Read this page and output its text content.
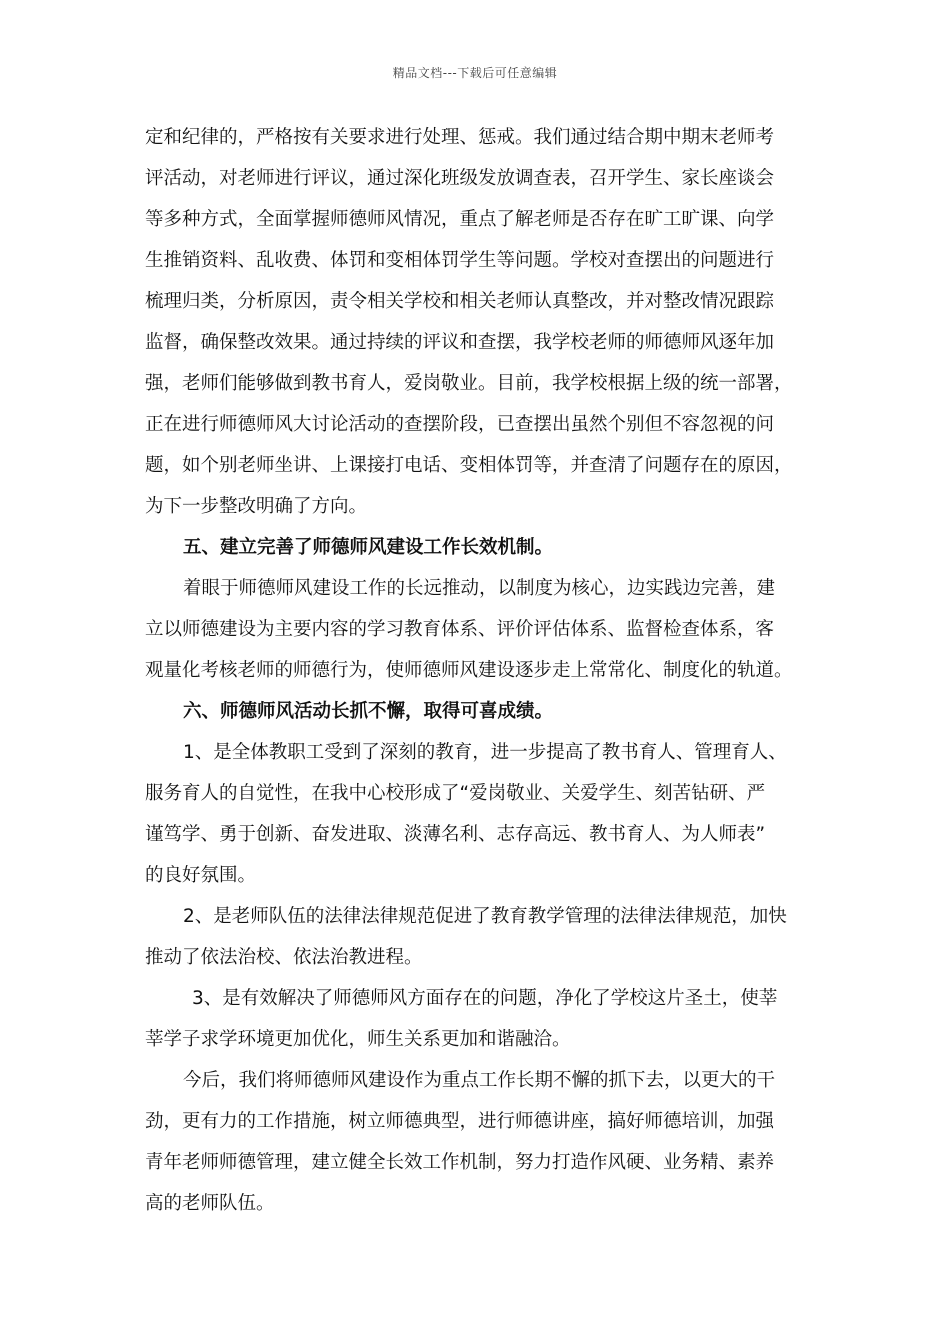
精品文档---下载后可任意编辑
定和纪律的，严格按有关要求进行处理、惩戒。我们通过结合期中期末老师考
评活动，对老师进行评议，通过深化班级发放调查表，召开学生、家长座谈会
等多种方式，全面掌握师德师风情况，重点了解老师是否存在旷工旷课、向学
生推销资料、乱收费、体罚和变相体罚学生等问题。学校对查摆出的问题进行
梳理归类，分析原因，责令相关学校和相关老师认真整改，并对整改情况跟踪
监督，确保整改效果。通过持续的评议和查摆，我学校老师的师德师风逐年加
强，老师们能够做到教书育人，爱岗敬业。目前，我学校根据上级的统一部署，
正在进行师德师风大讨论活动的查摆阶段，已查摆出虽然个别但不容忽视的问
题，如个别老师坐讲、上课接打电话、变相体罚等，并查清了问题存在的原因，
为下一步整改明确了方向。
五、建立完善了师德师风建设工作长效机制。
着眼于师德师风建设工作的长远推动，以制度为核心，边实践边完善，建
立以师德建设为主要内容的学习教育体系、评价评估体系、监督检查体系，客
观量化考核老师的师德行为，使师德师风建设逐步走上常常化、制度化的轨道。
六、师德师风活动长抓不懈，取得可喜成绩。
1、是全体教职工受到了深刻的教育，进一步提高了教书育人、管理育人、
服务育人的自觉性，在我中心校形成了“爱岗敬业、关爱学生、刻苦钻研、严
谨笃学、勇于创新、奋发进取、淡薄名利、志存高远、教书育人、为人师表”
的良好氛围。
2、是老师队伍的法律法律规范促进了教育教学管理的法律法律规范，加快
推动了依法治校、依法治教进程。
3、是有效解决了师德师风方面存在的问题，净化了学校这片圣土，使莘
莘学子求学环境更加优化，师生关系更加和谐融洽。
今后，我们将师德师风建设作为重点工作长期不懈的抓下去，以更大的干
劲，更有力的工作措施，树立师德典型，进行师德讲座，搞好师德培训，加强
青年老师师德管理，建立健全长效工作机制，努力打造作风硬、业务精、素养
高的老师队伍。
